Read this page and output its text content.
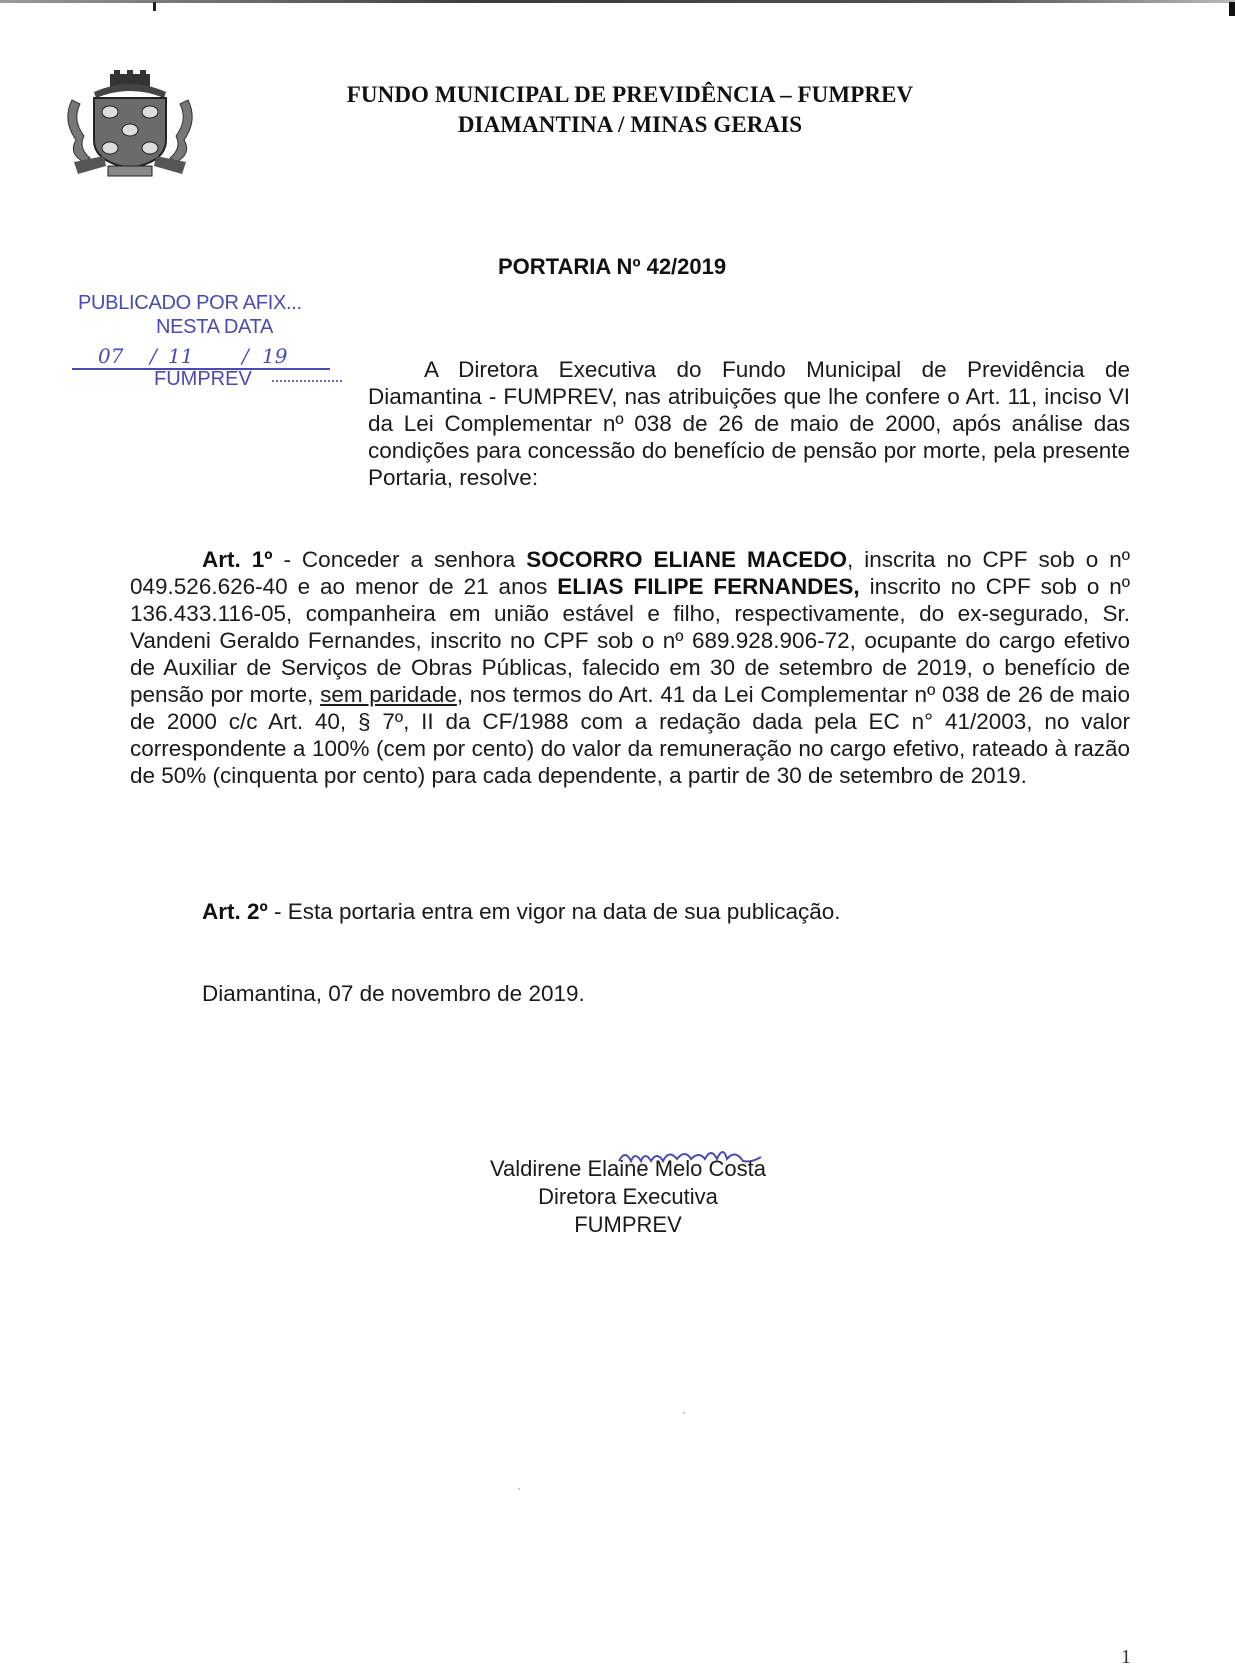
FUNDO MUNICIPAL DE PREVIDÊNCIA – FUMPREV
DIAMANTINA / MINAS GERAIS
PORTARIA Nº 42/2019
PUBLICADO POR AFIX...
NESTA DATA
07 / 11 / 19
FUMPREV	A Diretora Executiva do Fundo Municipal de Previdência de Diamantina - FUMPREV, nas atribuições que lhe confere o Art. 11, inciso VI da Lei Complementar nº 038 de 26 de maio de 2000, após análise das condições para concessão do benefício de pensão por morte, pela presente Portaria, resolve:
Art. 1º - Conceder a senhora SOCORRO ELIANE MACEDO, inscrita no CPF sob o nº 049.526.626-40 e ao menor de 21 anos ELIAS FILIPE FERNANDES, inscrito no CPF sob o nº 136.433.116-05, companheira em união estável e filho, respectivamente, do ex-segurado, Sr. Vandeni Geraldo Fernandes, inscrito no CPF sob o nº 689.928.906-72, ocupante do cargo efetivo de Auxiliar de Serviços de Obras Públicas, falecido em 30 de setembro de 2019, o benefício de pensão por morte, sem paridade, nos termos do Art. 41 da Lei Complementar nº 038 de 26 de maio de 2000 c/c Art. 40, § 7º, II da CF/1988 com a redação dada pela EC n° 41/2003, no valor correspondente a 100% (cem por cento) do valor da remuneração no cargo efetivo, rateado à razão de 50% (cinquenta por cento) para cada dependente, a partir de 30 de setembro de 2019.
Art. 2º - Esta portaria entra em vigor na data de sua publicação.
Diamantina, 07 de novembro de 2019.
Valdirene Elaine Melo Costa
Diretora Executiva
FUMPREV
1
